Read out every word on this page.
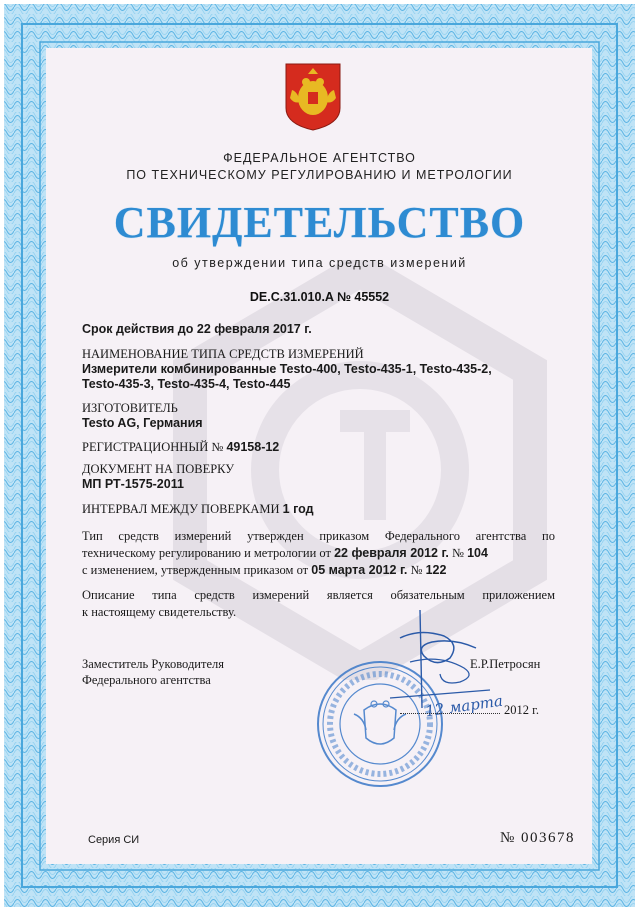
ФЕДЕРАЛЬНОЕ АГЕНТСТВО
ПО ТЕХНИЧЕСКОМУ РЕГУЛИРОВАНИЮ И МЕТРОЛОГИИ
СВИДЕТЕЛЬСТВО
об утверждении типа средств измерений
DE.C.31.010.A № 45552
Срок действия до 22 февраля 2017 г.
НАИМЕНОВАНИЕ ТИПА СРЕДСТВ ИЗМЕРЕНИЙ
Измерители комбинированные Testo-400, Testo-435-1, Testo-435-2,
Testo-435-3, Testo-435-4, Testo-445
ИЗГОТОВИТЕЛЬ
Testo AG, Германия
РЕГИСТРАЦИОННЫЙ № 49158-12
ДОКУМЕНТ НА ПОВЕРКУ
МП РТ-1575-2011
ИНТЕРВАЛ МЕЖДУ ПОВЕРКАМИ 1 год
Тип средств измерений утвержден приказом Федерального агентства по
техническому регулированию и метрологии от 22 февраля 2012 г. № 104
с изменением, утвержденным приказом от 05 марта 2012 г. № 122
Описание типа средств измерений является обязательным приложением
к настоящему свидетельству.
Заместитель Руководителя
Федерального агентства
Е.Р.Петросян
12 марта 2012 г.
Серия СИ	№ 003678
